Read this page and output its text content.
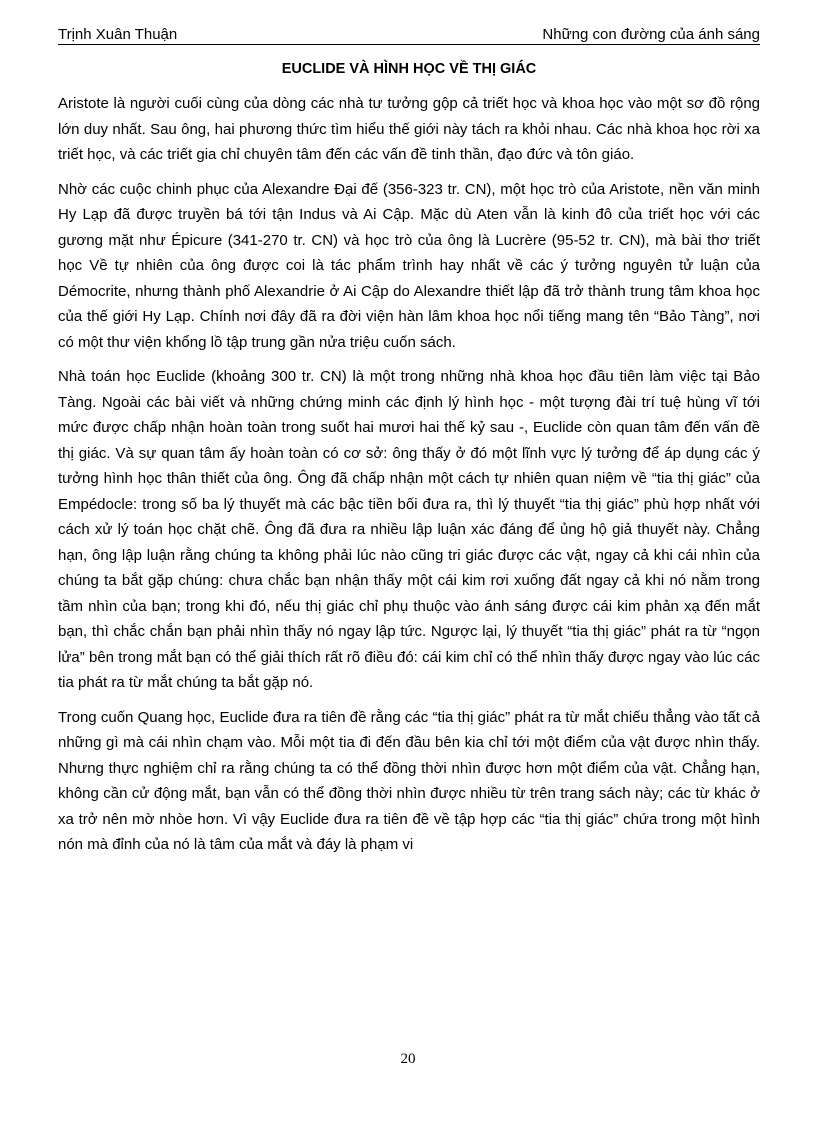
Trịnh Xuân Thuận	Những con đường của ánh sáng
EUCLIDE VÀ HÌNH HỌC VỀ THỊ GIÁC

Aristote là người cuối cùng của dòng các nhà tư tưởng gộp cả triết học và khoa học vào một sơ đồ rộng lớn duy nhất. Sau ông, hai phương thức tìm hiểu thế giới này tách ra khỏi nhau. Các nhà khoa học rời xa triết học, và các triết gia chỉ chuyên tâm đến các vấn đề tinh thần, đạo đức và tôn giáo.

Nhờ các cuộc chinh phục của Alexandre Đại đế (356-323 tr. CN), một học trò của Aristote, nền văn minh Hy Lạp đã được truyền bá tới tận Indus và Ai Cập. Mặc dù Aten vẫn là kinh đô của triết học với các gương mặt như Épicure (341-270 tr. CN) và học trò của ông là Lucrère (95-52 tr. CN), mà bài thơ triết học Về tự nhiên của ông được coi là tác phẩm trình hay nhất về các ý tưởng nguyên tử luận của Démocrite, nhưng thành phố Alexandrie ở Ai Cập do Alexandre thiết lập đã trở thành trung tâm khoa học của thế giới Hy Lạp. Chính nơi đây đã ra đời viện hàn lâm khoa học nổi tiếng mang tên “Bảo Tàng”, nơi có một thư viện khổng lồ tập trung gần nửa triệu cuốn sách.

Nhà toán học Euclide (khoảng 300 tr. CN) là một trong những nhà khoa học đầu tiên làm việc tại Bảo Tàng. Ngoài các bài viết và những chứng minh các định lý hình học - một tượng đài trí tuệ hùng vĩ tới mức được chấp nhận hoàn toàn trong suốt hai mươi hai thế kỷ sau -, Euclide còn quan tâm đến vấn đề thị giác. Và sự quan tâm ấy hoàn toàn có cơ sở: ông thấy ở đó một lĩnh vực lý tưởng để áp dụng các ý tưởng hình học thân thiết của ông. Ông đã chấp nhận một cách tự nhiên quan niệm về “tia thị giác” của Empédocle: trong số ba lý thuyết mà các bậc tiền bối đưa ra, thì lý thuyết “tia thị giác” phù hợp nhất với cách xử lý toán học chặt chẽ. Ông đã đưa ra nhiều lập luận xác đáng để ủng hộ giả thuyết này. Chẳng hạn, ông lập luận rằng chúng ta không phải lúc nào cũng tri giác được các vật, ngay cả khi cái nhìn của chúng ta bắt gặp chúng: chưa chắc bạn nhận thấy một cái kim rơi xuống đất ngay cả khi nó nằm trong tầm nhìn của bạn; trong khi đó, nếu thị giác chỉ phụ thuộc vào ánh sáng được cái kim phản xạ đến mắt bạn, thì chắc chắn bạn phải nhìn thấy nó ngay lập tức. Ngược lại, lý thuyết “tia thị giác” phát ra từ “ngọn lửa” bên trong mắt bạn có thể giải thích rất rõ điều đó: cái kim chỉ có thể nhìn thấy được ngay vào lúc các tia phát ra từ mắt chúng ta bắt gặp nó.

Trong cuốn Quang học, Euclide đưa ra tiên đề rằng các “tia thị giác” phát ra từ mắt chiếu thẳng vào tất cả những gì mà cái nhìn chạm vào. Mỗi một tia đi đến đầu bên kia chỉ tới một điểm của vật được nhìn thấy. Nhưng thực nghiệm chỉ ra rằng chúng ta có thể đồng thời nhìn được hơn một điểm của vật. Chẳng hạn, không cần cử động mắt, bạn vẫn có thể đồng thời nhìn được nhiều từ trên trang sách này; các từ khác ở xa trở nên mờ nhòe hơn. Vì vậy Euclide đưa ra tiên đề về tập hợp các “tia thị giác” chứa trong một hình nón mà đỉnh của nó là tâm của mắt và đáy là phạm vi

20
